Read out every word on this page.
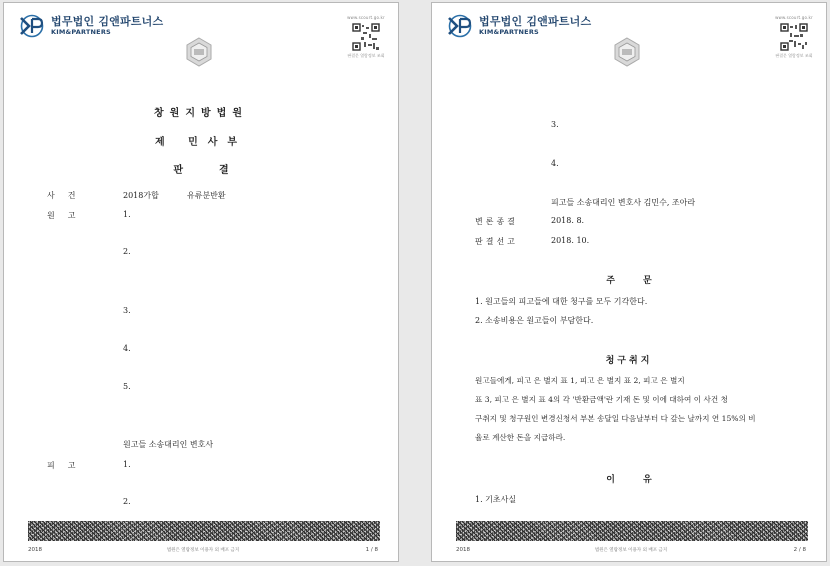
법무법인 김앤파트너스
KIM&PARTNERS
www.scourt.go.kr
판결문 열람정보 조회
창원지방법원
제 민사부
판결
사건	2018가합	유류분반환
원고	1.
2.
3.
4.
5.
원고들 소송대리인 변호사
피고	1.
2.
2018	법원은 열람정보 이용자 외 배포 금지	1 / 8
법무법인 김앤파트너스
KIM&PARTNERS
www.scourt.go.kr
판결문 열람정보 조회
3.
4.
피고들 소송대리인 변호사 김민수, 조아라
변론종결	2018. 8.
판결선고	2018. 10.
주문
1. 원고들의 피고들에 대한 청구를 모두 기각한다.
2. 소송비용은 원고들이 부담한다.
청구취지
원고들에게, 피고 은 별지 표 1, 피고 은 별지 표 2, 피고 은 별지
표 3, 피고 은 별지 표 4의 각 '반환금액'란 기재 돈 및 이에 대하여 이 사건 청
구취지 및 청구원인 변경신청서 부본 송달일 다음날부터 다 갚는 날까지 연 15%의 비
율로 계산한 돈을 지급하라.
이유
1. 기초사실
2018	법원은 열람정보 이용자 외 배포 금지	2 / 8
